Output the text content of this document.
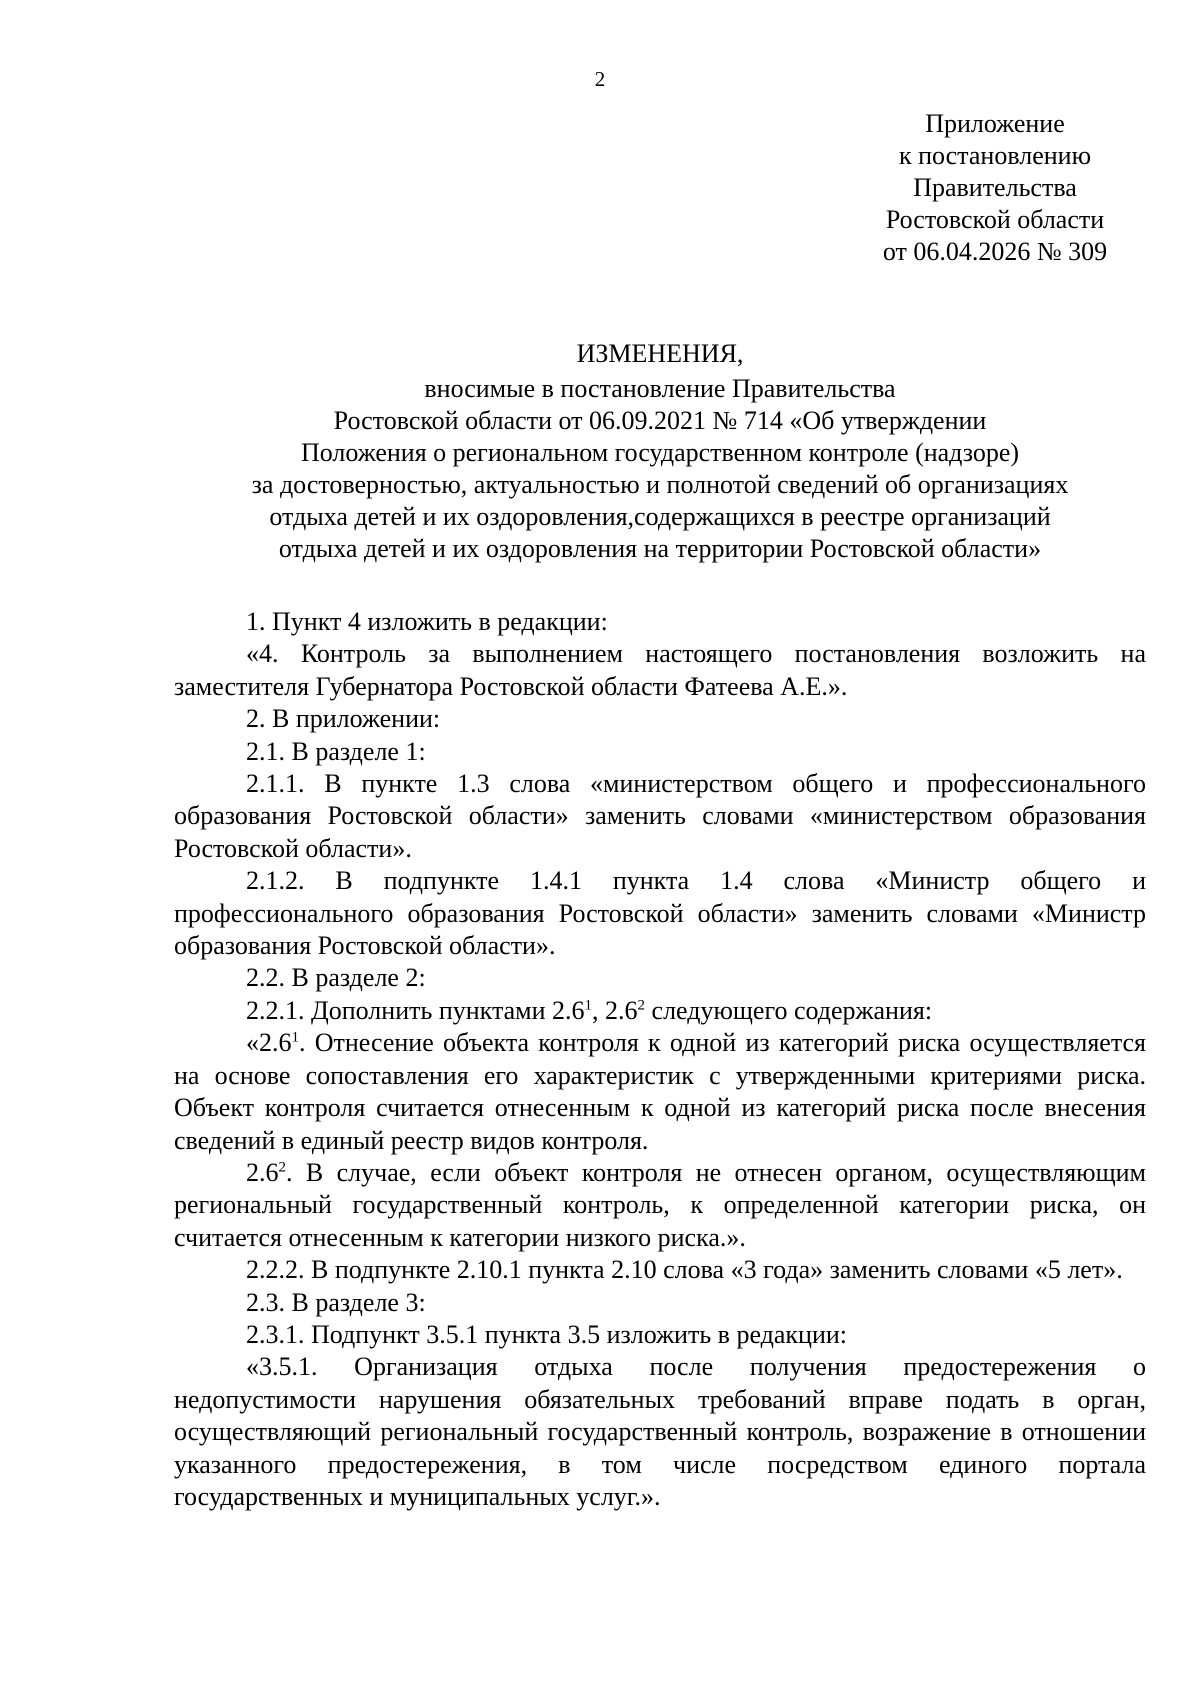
2
Приложение
к постановлению
Правительства
Ростовской области
от 06.04.2026 № 309
ИЗМЕНЕНИЯ,
вносимые в постановление Правительства
Ростовской области от 06.09.2021 № 714 «Об утверждении
Положения о региональном государственном контроле (надзоре)
за достоверностью, актуальностью и полнотой сведений об организациях
отдыха детей и их оздоровления,содержащихся в реестре организаций
отдыха детей и их оздоровления на территории Ростовской области»

1. Пункт 4 изложить в редакции:

«4. Контроль за выполнением настоящего постановления возложить на заместителя Губернатора Ростовской области Фатеева А.Е.».

2. В приложении:

2.1. В разделе 1:

2.1.1. В пункте 1.3 слова «министерством общего и профессионального образования Ростовской области» заменить словами «министерством образования Ростовской области».

2.1.2. В подпункте 1.4.1 пункта 1.4 слова «Министр общего и профессионального образования Ростовской области» заменить словами «Министр образования Ростовской области».

2.2. В разделе 2:

2.2.1. Дополнить пунктами $2.6^1$, $2.6^2$ следующего содержания:

«$2.6^1$. Отнесение объекта контроля к одной из категорий риска осуществляется на основе сопоставления его характеристик с утвержденными критериями риска. Объект контроля считается отнесенным к одной из категорий риска после внесения сведений в единый реестр видов контроля.

$2.6^2$. В случае, если объект контроля не отнесен органом, осуществляющим региональный государственный контроль, к определенной категории риска, он считается отнесенным к категории низкого риска.».

2.2.2. В подпункте 2.10.1 пункта 2.10 слова «3 года» заменить словами «5 лет».

2.3. В разделе 3:

2.3.1. Подпункт 3.5.1 пункта 3.5 изложить в редакции:

«3.5.1. Организация отдыха после получения предостережения о недопустимости нарушения обязательных требований вправе подать в орган, осуществляющий региональный государственный контроль, возражение в отношении указанного предостережения, в том числе посредством единого портала государственных и муниципальных услуг.».
